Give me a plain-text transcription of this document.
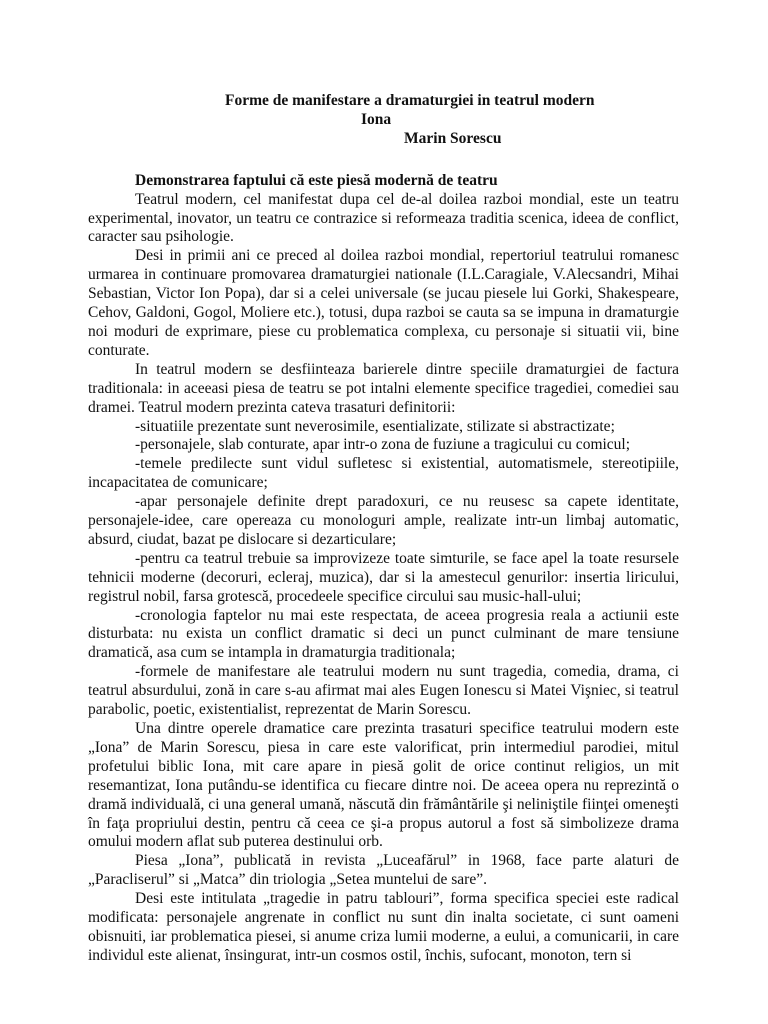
Forme de manifestare a dramaturgiei in teatrul modern

Iona

Marin Sorescu

Demonstrarea faptului că este piesă modernă de teatru

Teatrul modern, cel manifestat dupa cel de-al doilea razboi mondial, este un teatru experimental, inovator, un teatru ce contrazice si reformeaza traditia scenica, ideea de conflict, caracter sau psihologie.

Desi in primii ani ce preced al doilea razboi mondial, repertoriul teatrului romanesc urmarea in continuare promovarea dramaturgiei nationale (I.L.Caragiale, V.Alecsandri, Mihai Sebastian, Victor Ion Popa), dar si a celei universale (se jucau piesele lui Gorki, Shakespeare, Cehov, Galdoni, Gogol, Moliere etc.), totusi, dupa razboi se cauta sa se impuna in dramaturgie noi moduri de exprimare, piese cu problematica complexa, cu personaje si situatii vii, bine conturate.

In teatrul modern se desfiinteaza barierele dintre speciile dramaturgiei de factura traditionala: in aceeasi piesa de teatru se pot intalni elemente specifice tragediei, comediei sau dramei. Teatrul modern prezinta cateva trasaturi definitorii:

-situatiile prezentate sunt neverosimile, esentializate, stilizate si abstractizate;

-personajele, slab conturate, apar intr-o zona de fuziune a tragicului cu comicul;

-temele predilecte sunt vidul sufletesc si existential, automatismele, stereotipiile, incapacitatea de comunicare;

-apar personajele definite drept paradoxuri, ce nu reusesc sa capete identitate, personajele-idee, care opereaza cu monologuri ample, realizate intr-un limbaj automatic, absurd, ciudat, bazat pe dislocare si dezarticulare;

-pentru ca teatrul trebuie sa improvizeze toate simturile, se face apel la toate resursele tehnicii moderne (decoruri, ecleraj, muzica), dar si la amestecul genurilor: insertia liricului, registrul nobil, farsa grotescă, procedeele specifice circului sau music-hall-ului;

-cronologia faptelor nu mai este respectata, de aceea progresia reala a actiunii este disturbata: nu exista un conflict dramatic si deci un punct culminant de mare tensiune dramatică, asa cum se intampla in dramaturgia traditionala;

-formele de manifestare ale teatrului modern nu sunt tragedia, comedia, drama, ci teatrul absurdului, zonă in care s-au afirmat mai ales Eugen Ionescu si Matei Vişniec, si teatrul parabolic, poetic, existentialist, reprezentat de Marin Sorescu.

Una dintre operele dramatice care prezinta trasaturi specifice teatrului modern este „Iona” de Marin Sorescu, piesa in care este valorificat, prin intermediul parodiei, mitul profetului biblic Iona, mit care apare in piesă golit de orice continut religios, un mit resemantizat, Iona putându-se identifica cu fiecare dintre noi. De aceea opera nu reprezintă o dramă individuală, ci una general umană, născută din frământările şi neliniştile fiinţei omeneşti în faţa propriului destin, pentru că ceea ce şi-a propus autorul a fost să simbolizeze drama omului modern aflat sub puterea destinului orb.

Piesa „Iona”, publicată in revista „Luceafărul” in 1968, face parte alaturi de „Paracliserul” si „Matca” din triologia „Setea muntelui de sare”.

Desi este intitulata „tragedie in patru tablouri”, forma specifica speciei este radical modificata: personajele angrenate in conflict nu sunt din inalta societate, ci sunt oameni obisnuiti, iar problematica piesei, si anume criza lumii moderne, a eului, a comunicarii, in care individul este alienat, însingurat, intr-un cosmos ostil, închis, sufocant, monoton, tern si
